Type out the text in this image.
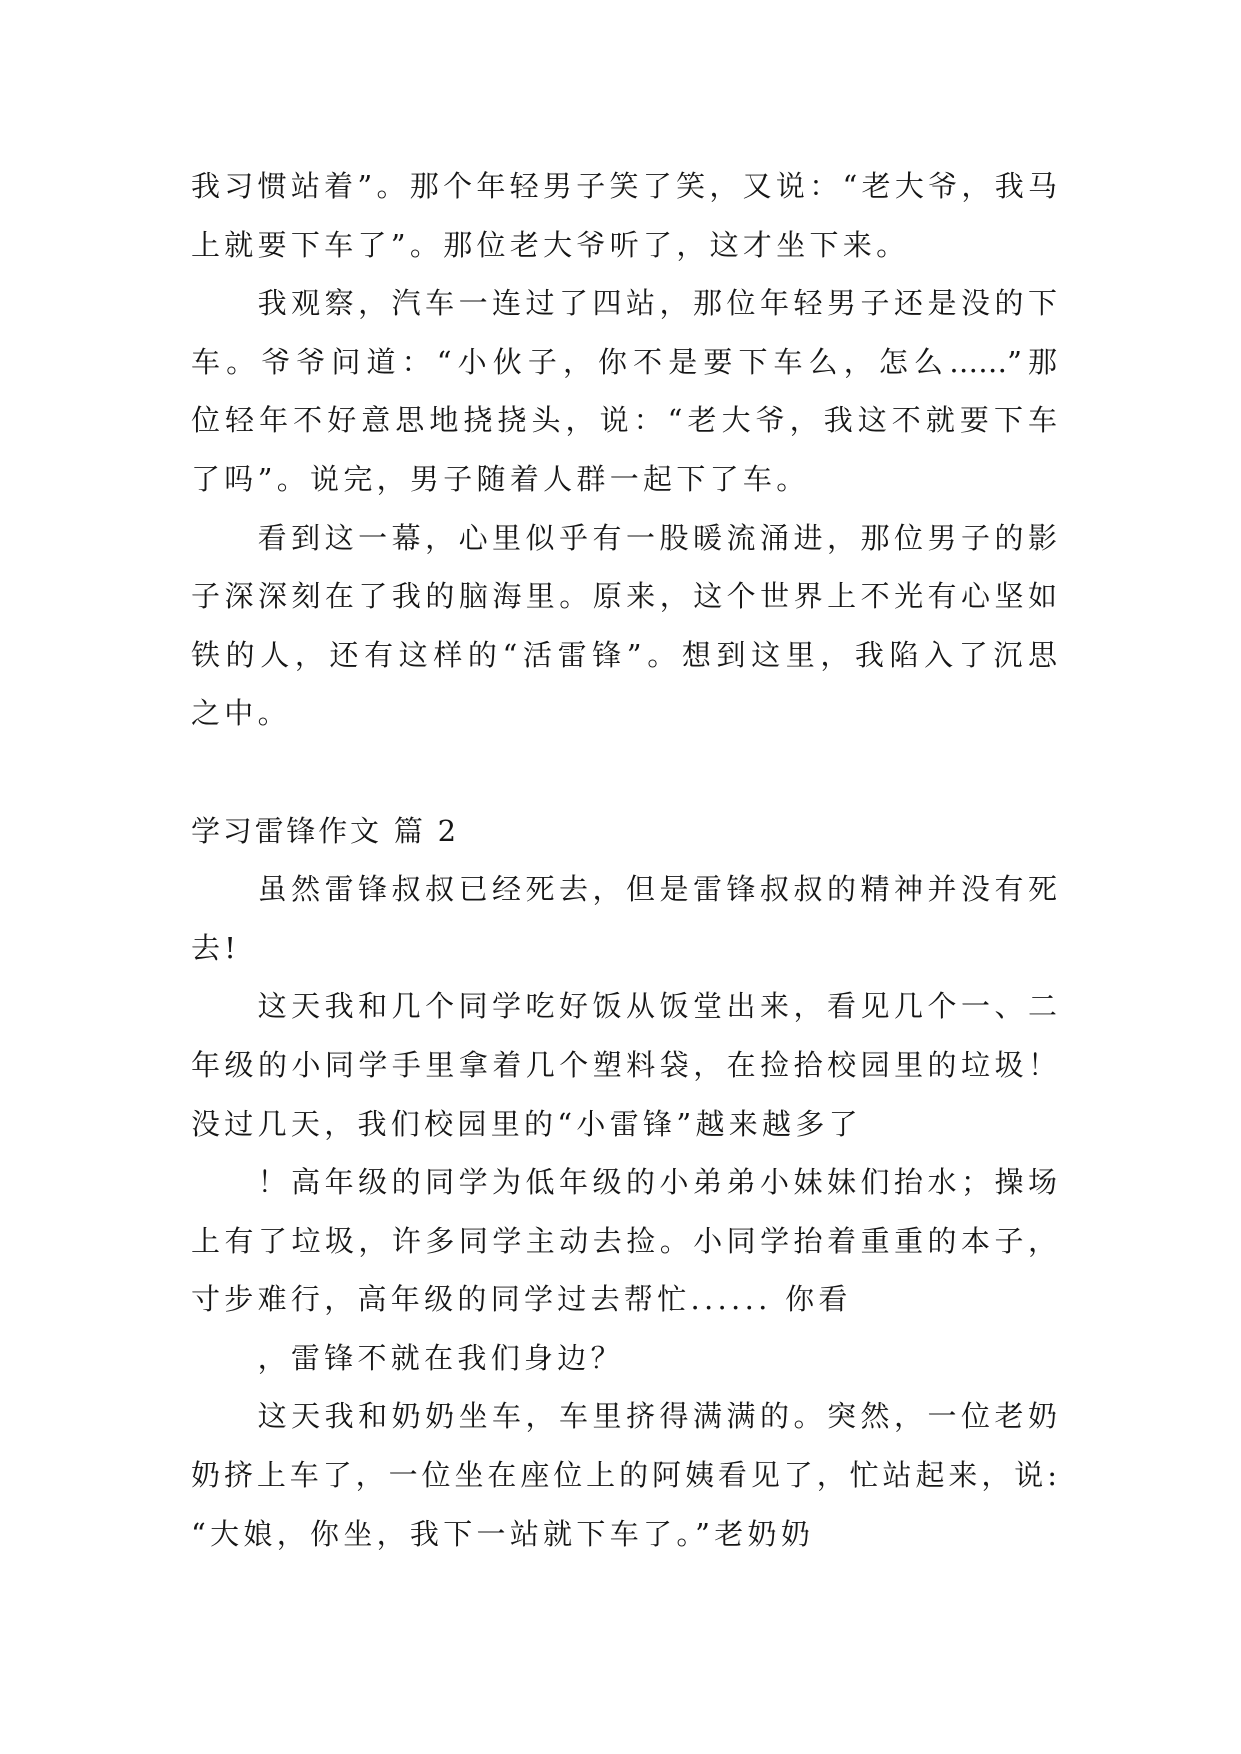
我习惯站着”。那个年轻男子笑了笑，又说：“老大爷，我马
上就要下车了”。那位老大爷听了，这才坐下来。
我观察，汽车一连过了四站，那位年轻男子还是没的下
车。爷爷问道：“小伙子，你不是要下车么，怎么……”那
位轻年不好意思地挠挠头，说：“老大爷，我这不就要下车
了吗”。说完，男子随着人群一起下了车。
看到这一幕，心里似乎有一股暖流涌进，那位男子的影
子深深刻在了我的脑海里。原来，这个世界上不光有心坚如
铁的人，还有这样的“活雷锋”。想到这里，我陷入了沉思
之中。
学习雷锋作文 篇 2
虽然雷锋叔叔已经死去，但是雷锋叔叔的精神并没有死
去!
这天我和几个同学吃好饭从饭堂出来，看见几个一、二
年级的小同学手里拿着几个塑料袋，在捡拾校园里的垃圾！
没过几天，我们校园里的“小雷锋”越来越多了
！高年级的同学为低年级的小弟弟小妹妹们抬水；操场
上有了垃圾，许多同学主动去捡。小同学抬着重重的本子，
寸步难行，高年级的同学过去帮忙...... 你看
，雷锋不就在我们身边？
这天我和奶奶坐车，车里挤得满满的。突然，一位老奶
奶挤上车了，一位坐在座位上的阿姨看见了，忙站起来，说:
“大娘，你坐，我下一站就下车了。”老奶奶
